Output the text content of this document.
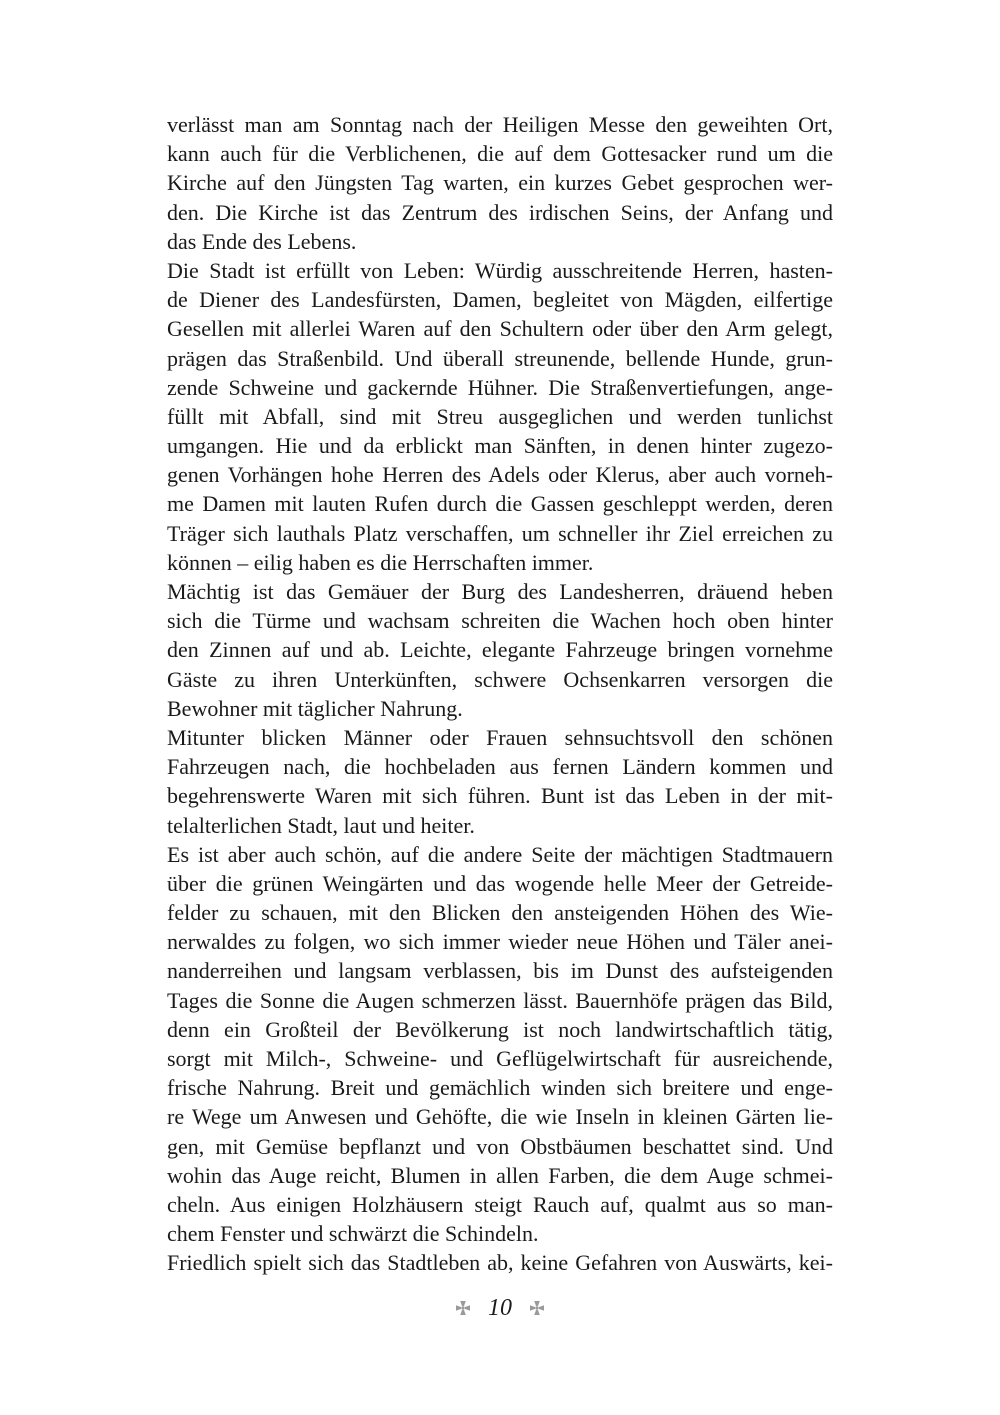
verlässt man am Sonntag nach der Heiligen Messe den geweihten Ort,
kann auch für die Verblichenen, die auf dem Gottesacker rund um die
Kirche auf den Jüngsten Tag warten, ein kurzes Gebet gesprochen wer-
den. Die Kirche ist das Zentrum des irdischen Seins, der Anfang und
das Ende des Lebens.
Die Stadt ist erfüllt von Leben: Würdig ausschreitende Herren, hasten-
de Diener des Landesfürsten, Damen, begleitet von Mägden, eilfertige
Gesellen mit allerlei Waren auf den Schultern oder über den Arm gelegt,
prägen das Straßenbild. Und überall streunende, bellende Hunde, grun-
zende Schweine und gackernde Hühner. Die Straßenvertiefungen, ange-
füllt mit Abfall, sind mit Streu ausgeglichen und werden tunlichst
umgangen. Hie und da erblickt man Sänften, in denen hinter zugezo-
genen Vorhängen hohe Herren des Adels oder Klerus, aber auch vorneh-
me Damen mit lauten Rufen durch die Gassen geschleppt werden, deren
Träger sich lauthals Platz verschaffen, um schneller ihr Ziel erreichen zu
können – eilig haben es die Herrschaften immer.
Mächtig ist das Gemäuer der Burg des Landesherren, dräuend heben
sich die Türme und wachsam schreiten die Wachen hoch oben hinter
den Zinnen auf und ab. Leichte, elegante Fahrzeuge bringen vornehme
Gäste zu ihren Unterkünften, schwere Ochsenkarren versorgen die
Bewohner mit täglicher Nahrung.
Mitunter blicken Männer oder Frauen sehnsuchtsvoll den schönen
Fahrzeugen nach, die hochbeladen aus fernen Ländern kommen und
begehrenswerte Waren mit sich führen. Bunt ist das Leben in der mit-
telalterlichen Stadt, laut und heiter.
Es ist aber auch schön, auf die andere Seite der mächtigen Stadtmauern
über die grünen Weingärten und das wogende helle Meer der Getreide-
felder zu schauen, mit den Blicken den ansteigenden Höhen des Wie-
nerwaldes zu folgen, wo sich immer wieder neue Höhen und Täler anei-
nanderreihen und langsam verblassen, bis im Dunst des aufsteigenden
Tages die Sonne die Augen schmerzen lässt. Bauernhöfe prägen das Bild,
denn ein Großteil der Bevölkerung ist noch landwirtschaftlich tätig,
sorgt mit Milch-, Schweine- und Geflügelwirtschaft für ausreichende,
frische Nahrung. Breit und gemächlich winden sich breitere und enge-
re Wege um Anwesen und Gehöfte, die wie Inseln in kleinen Gärten lie-
gen, mit Gemüse bepflanzt und von Obstbäumen beschattet sind. Und
wohin das Auge reicht, Blumen in allen Farben, die dem Auge schmei-
cheln. Aus einigen Holzhäusern steigt Rauch auf, qualmt aus so man-
chem Fenster und schwärzt die Schindeln.
Friedlich spielt sich das Stadtleben ab, keine Gefahren von Auswärts, kei-
10
